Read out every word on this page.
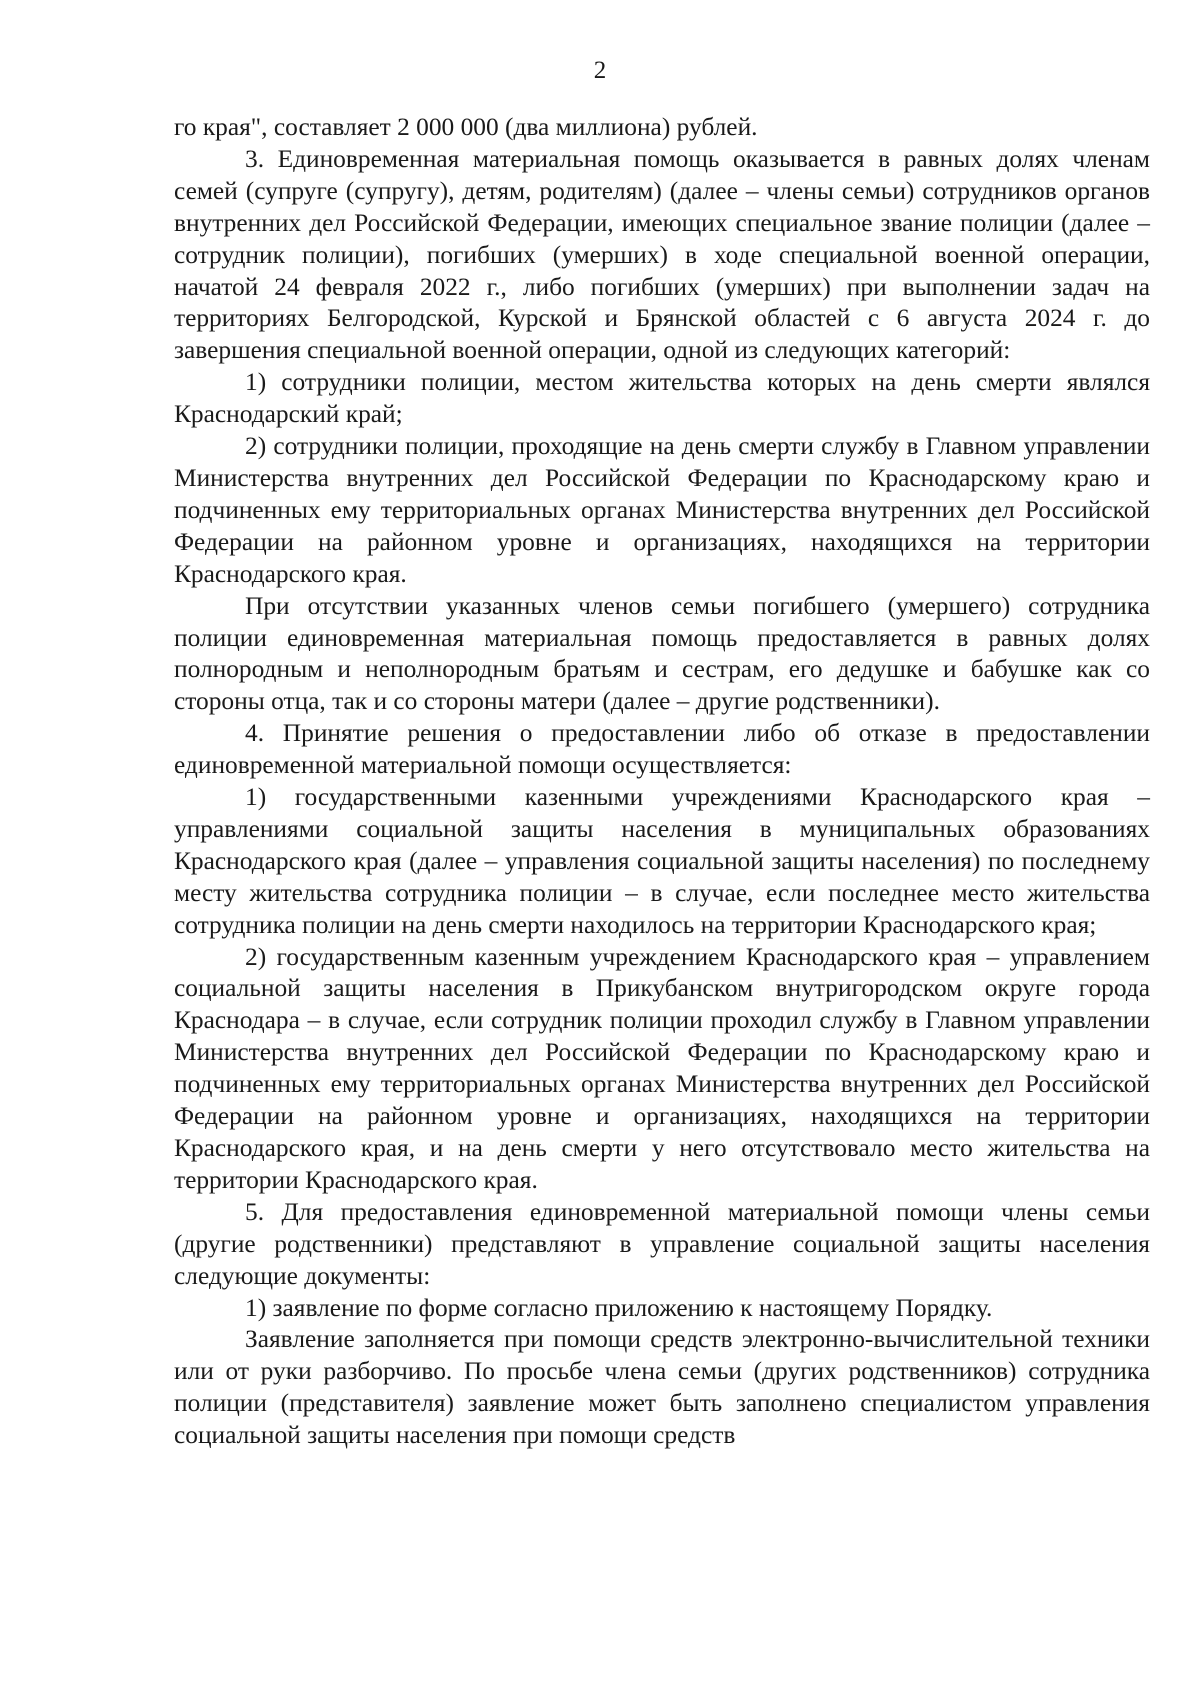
2

го края", составляет 2 000 000 (два миллиона) рублей.

3. Единовременная материальная помощь оказывается в равных долях членам семей (супруге (супругу), детям, родителям) (далее – члены семьи) сотрудников органов внутренних дел Российской Федерации, имеющих специальное звание полиции (далее – сотрудник полиции), погибших (умерших) в ходе специальной военной операции, начатой 24 февраля 2022 г., либо погибших (умерших) при выполнении задач на территориях Белгородской, Курской и Брянской областей с 6 августа 2024 г. до завершения специальной военной операции, одной из следующих категорий:

1) сотрудники полиции, местом жительства которых на день смерти являлся Краснодарский край;

2) сотрудники полиции, проходящие на день смерти службу в Главном управлении Министерства внутренних дел Российской Федерации по Краснодарскому краю и подчиненных ему территориальных органах Министерства внутренних дел Российской Федерации на районном уровне и организациях, находящихся на территории Краснодарского края.

При отсутствии указанных членов семьи погибшего (умершего) сотрудника полиции единовременная материальная помощь предоставляется в равных долях полнородным и неполнородным братьям и сестрам, его дедушке и бабушке как со стороны отца, так и со стороны матери (далее – другие родственники).

4. Принятие решения о предоставлении либо об отказе в предоставлении единовременной материальной помощи осуществляется:

1) государственными казенными учреждениями Краснодарского края – управлениями социальной защиты населения в муниципальных образованиях Краснодарского края (далее – управления социальной защиты населения) по последнему месту жительства сотрудника полиции – в случае, если последнее место жительства сотрудника полиции на день смерти находилось на территории Краснодарского края;

2) государственным казенным учреждением Краснодарского края – управлением социальной защиты населения в Прикубанском внутригородском округе города Краснодара – в случае, если сотрудник полиции проходил службу в Главном управлении Министерства внутренних дел Российской Федерации по Краснодарскому краю и подчиненных ему территориальных органах Министерства внутренних дел Российской Федерации на районном уровне и организациях, находящихся на территории Краснодарского края, и на день смерти у него отсутствовало место жительства на территории Краснодарского края.

5. Для предоставления единовременной материальной помощи члены семьи (другие родственники) представляют в управление социальной защиты населения следующие документы:

1) заявление по форме согласно приложению к настоящему Порядку.

Заявление заполняется при помощи средств электронно-вычислительной техники или от руки разборчиво. По просьбе члена семьи (других родственников) сотрудника полиции (представителя) заявление может быть заполнено специалистом управления социальной защиты населения при помощи средств
